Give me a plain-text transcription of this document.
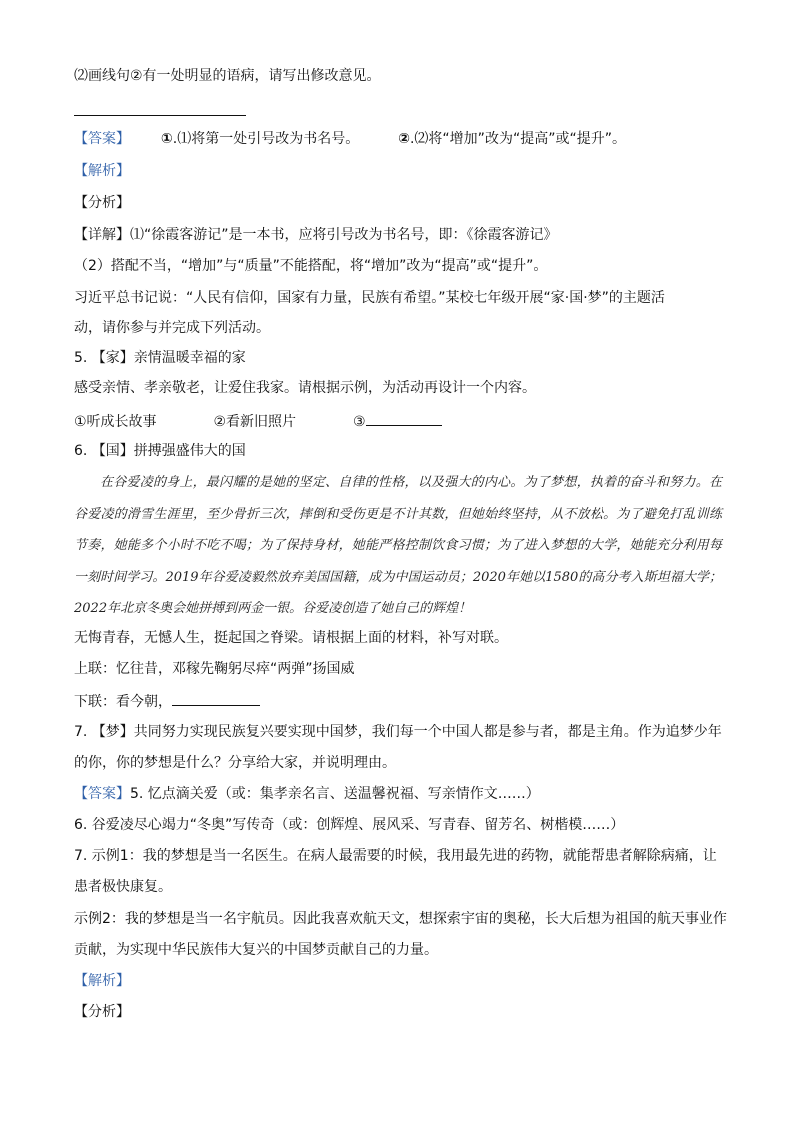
⑵画线句②有一处明显的语病，请写出修改意见。
【答案】 ①.⑴将第一处引号改为书名号。	②.⑵将“增加”改为“提高”或“提升”。
【解析】
【分析】
【详解】⑴“徐霞客游记”是一本书，应将引号改为书名号，即：《徐霞客游记》
（2）搭配不当，“增加”与“质量”不能搭配，将“增加”改为“提高”或“提升”。
习近平总书记说：“人民有信仰，国家有力量，民族有希望。”某校七年级开展“家·国·梦”的主题活
动，请你参与并完成下列活动。
5. 【家】亲情温暖幸福的家
感受亲情、孝亲敬老，让爱住我家。请根据示例，为活动再设计一个内容。
①听成长故事	②看新旧照片	③
6. 【国】拼搏强盛伟大的国

在谷爱凌的身上，最闪耀的是她的坚定、自律的性格，以及强大的内心。为了梦想，执着的奋斗和努力。在谷爱凌的滑雪生涯里，至少骨折三次，摔倒和受伤更是不计其数，但她始终坚持，从不放松。为了避免打乱训练节奏，她能多个小时不吃不喝；为了保持身材，她能严格控制饮食习惯；为了进入梦想的大学，她能充分利用每一刻时间学习。2019年谷爱凌毅然放弃美国国籍，成为中国运动员；2020年她以1580的高分考入斯坦福大学；2022年北京冬奥会她拼搏到两金一银。谷爱凌创造了她自己的辉煌！

无悔青春，无憾人生，挺起国之脊梁。请根据上面的材料，补写对联。
上联：忆往昔，邓稼先鞠躬尽瘁“两弹”扬国威
下联：看今朝，
7. 【梦】共同努力实现民族复兴要实现中国梦，我们每一个中国人都是参与者，都是主角。作为追梦少年
的你，你的梦想是什么？分享给大家，并说明理由。
【答案】5. 忆点滴关爱（或：集孝亲名言、送温馨祝福、写亲情作文……）
6. 谷爱凌尽心竭力“冬奥”写传奇（或：创辉煌、展风采、写青春、留芳名、树楷模……）
7. 示例1：我的梦想是当一名医生。在病人最需要的时候，我用最先进的药物，就能帮患者解除病痛，让
患者极快康复。
示例2：我的梦想是当一名宇航员。因此我喜欢航天文，想探索宇宙的奥秘，长大后想为祖国的航天事业作
贡献，为实现中华民族伟大复兴的中国梦贡献自己的力量。
【解析】
【分析】
